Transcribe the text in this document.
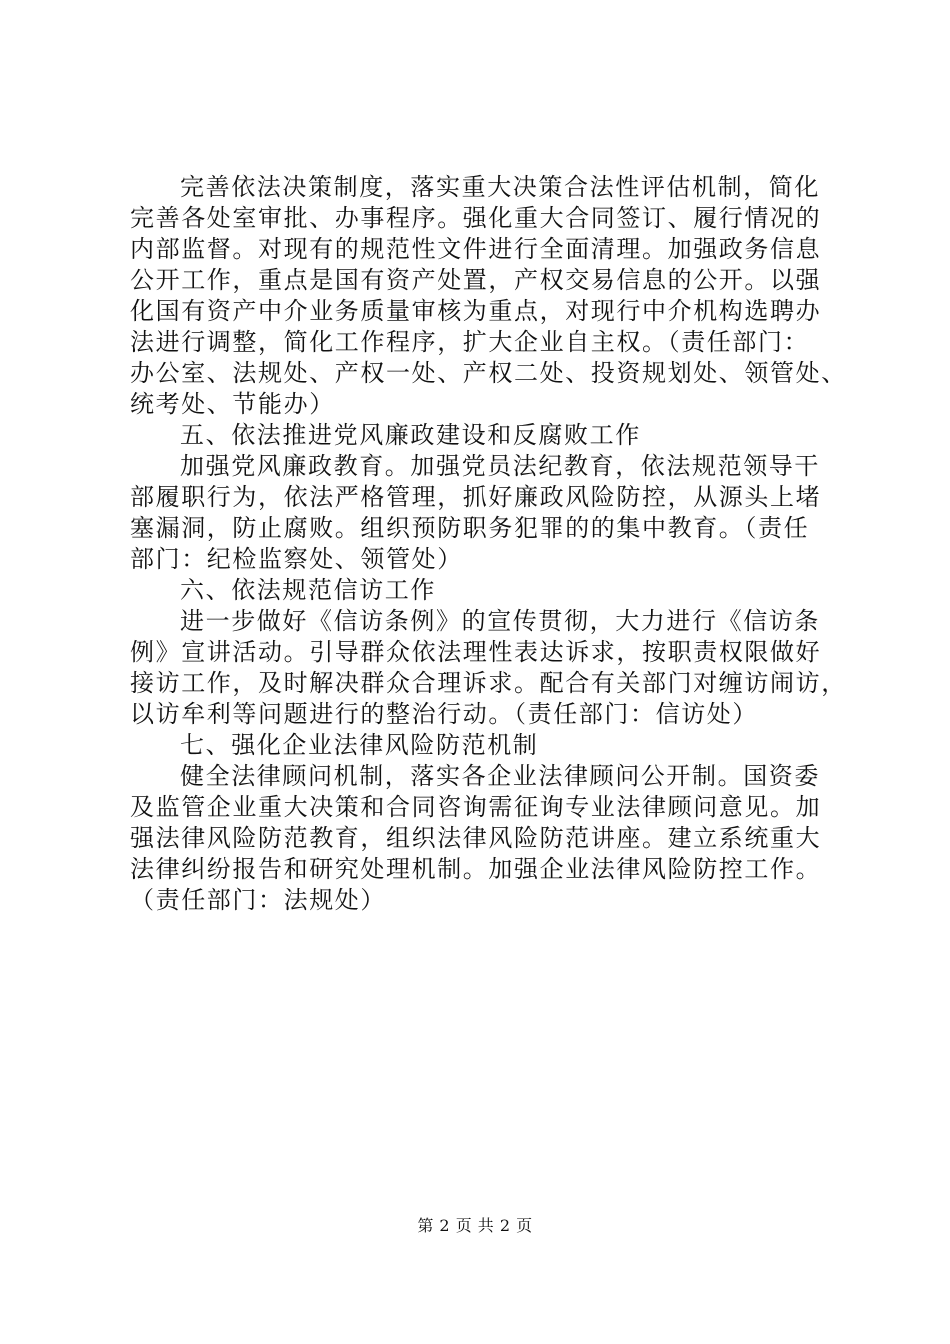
完善依法决策制度，落实重大决策合法性评估机制，简化
完善各处室审批、办事程序。强化重大合同签订、履行情况的
内部监督。对现有的规范性文件进行全面清理。加强政务信息
公开工作，重点是国有资产处置，产权交易信息的公开。以强
化国有资产中介业务质量审核为重点，对现行中介机构选聘办
法进行调整，简化工作程序，扩大企业自主权。（责任部门：
办公室、法规处、产权一处、产权二处、投资规划处、领管处、
统考处、节能办）
五、依法推进党风廉政建设和反腐败工作
加强党风廉政教育。加强党员法纪教育，依法规范领导干
部履职行为，依法严格管理，抓好廉政风险防控，从源头上堵
塞漏洞，防止腐败。组织预防职务犯罪的的集中教育。（责任
部门：纪检监察处、领管处）
六、依法规范信访工作
进一步做好《信访条例》的宣传贯彻，大力进行《信访条
例》宣讲活动。引导群众依法理性表达诉求，按职责权限做好
接访工作，及时解决群众合理诉求。配合有关部门对缠访闹访，
以访牟利等问题进行的整治行动。（责任部门：信访处）
七、强化企业法律风险防范机制
健全法律顾问机制，落实各企业法律顾问公开制。国资委
及监管企业重大决策和合同咨询需征询专业法律顾问意见。加
强法律风险防范教育，组织法律风险防范讲座。建立系统重大
法律纠纷报告和研究处理机制。加强企业法律风险防控工作。
（责任部门：法规处）
第 2 页 共 2 页
